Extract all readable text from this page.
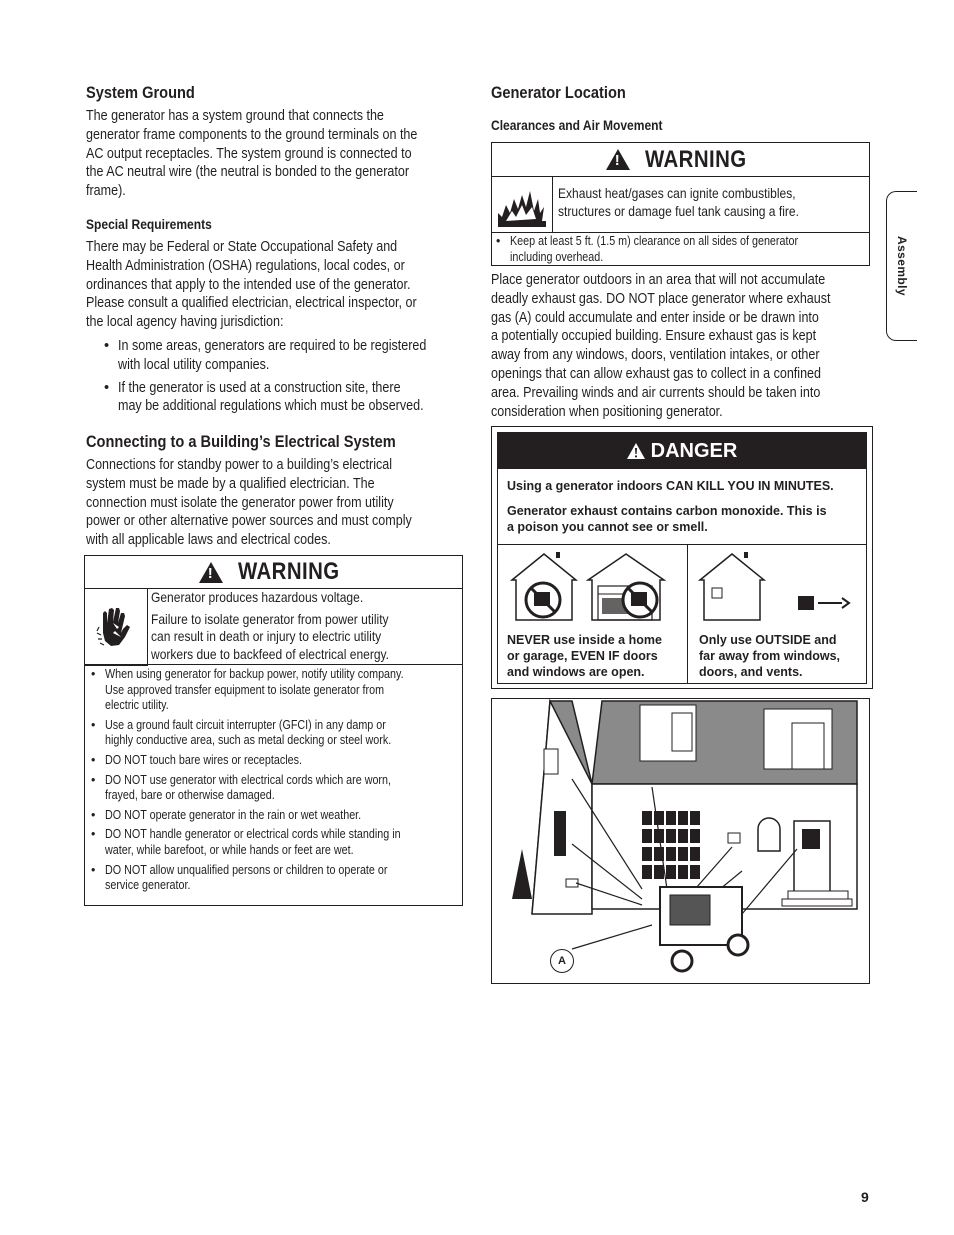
System Ground
The generator has a system ground that connects the
generator frame components to the ground terminals on the
AC output receptacles. The system ground is connected to
the AC neutral wire (the neutral is bonded to the generator
frame).
Special Requirements
There may be Federal or State Occupational Safety and
Health Administration (OSHA) regulations, local codes, or
ordinances that apply to the intended use of the generator.
Please consult a qualified electrician, electrical inspector, or
the local agency having jurisdiction:
• In some areas, generators are required to be registered
with local utility companies.
• If the generator is used at a construction site, there
may be additional regulations which must be observed.
Connecting to a Building’s Electrical System
Connections for standby power to a building’s electrical
system must be made by a qualified electrician. The
connection must isolate the generator power from utility
power or other alternative power sources and must comply
with all applicable laws and electrical codes.
!
WARNING
Generator produces hazardous voltage.
Failure to isolate generator from power utility
can result in death or injury to electric utility
workers due to backfeed of electrical energy.
• When using generator for backup power, notify utility company.
Use approved transfer equipment to isolate generator from
electric utility.
• Use a ground fault circuit interrupter (GFCI) in any damp or
highly conductive area, such as metal decking or steel work.
• DO NOT touch bare wires or receptacles.
• DO NOT use generator with electrical cords which are worn,
frayed, bare or otherwise damaged.
• DO NOT operate generator in the rain or wet weather.
• DO NOT handle generator or electrical cords while standing in
water, while barefoot, or while hands or feet are wet.
• DO NOT allow unqualified persons or children to operate or
service generator.
Generator Location
Clearances and Air Movement
!
WARNING
Exhaust heat/gases can ignite combustibles,
structures or damage fuel tank causing a fire.
• Keep at least 5 ft. (1.5 m) clearance on all sides of generator
including overhead.
Place generator outdoors in an area that will not accumulate
deadly exhaust gas. DO NOT place generator where exhaust
gas (A) could accumulate and enter inside or be drawn into
a potentially occupied building. Ensure exhaust gas is kept
away from any windows, doors, ventilation intakes, or other
openings that can allow exhaust gas to collect in a confined
area. Prevailing winds and air currents should be taken into
consideration when positioning generator.
DANGER
Using a generator indoors CAN KILL YOU IN MINUTES.
Generator exhaust contains carbon monoxide. This is
a poison you cannot see or smell.
NEVER use inside a home
or garage, EVEN IF doors
and windows are open.
Only use OUTSIDE and
far away from windows,
doors, and vents.
A
Assembly
9
